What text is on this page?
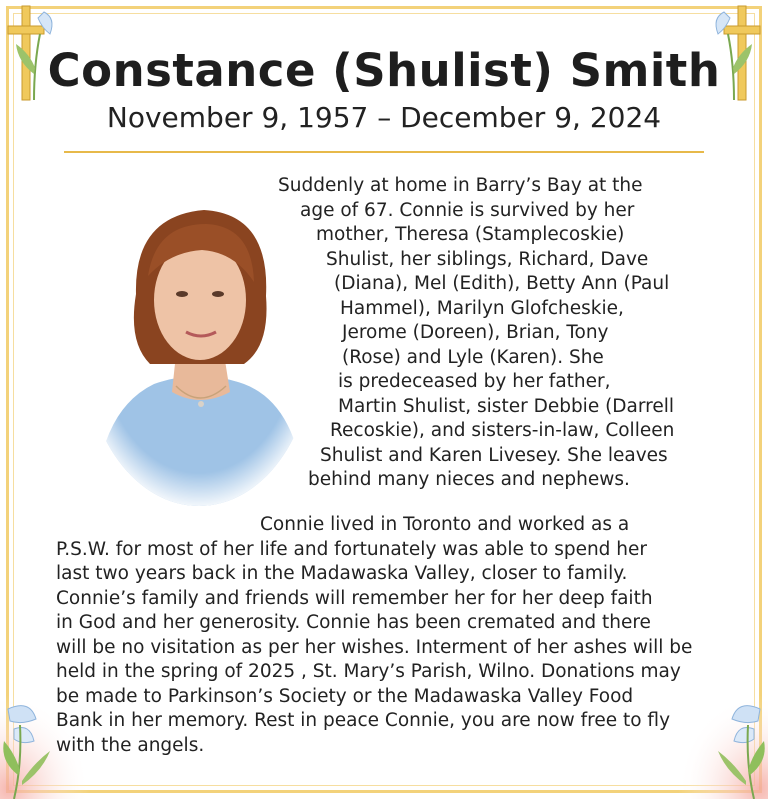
Constance (Shulist) Smith
November 9, 1957 – December 9, 2024
Suddenly at home in Barry’s Bay at the
age of 67. Connie is survived by her
mother, Theresa (Stamplecoskie)
Shulist, her siblings, Richard, Dave
(Diana), Mel (Edith), Betty Ann (Paul
Hammel), Marilyn Glofcheskie,
Jerome (Doreen), Brian, Tony
(Rose) and Lyle (Karen). She
is predeceased by her father,
Martin Shulist, sister Debbie (Darrell
Recoskie), and sisters-in-law, Colleen
Shulist and Karen Livesey. She leaves
behind many nieces and nephews.
Connie lived in Toronto and worked as a
P.S.W. for most of her life and fortunately was able to spend her
last two years back in the Madawaska Valley, closer to family.
Connie’s family and friends will remember her for her deep faith
in God and her generosity. Connie has been cremated and there
will be no visitation as per her wishes. Interment of her ashes will be
held in the spring of 2025 , St. Mary’s Parish, Wilno. Donations may
be made to Parkinson’s Society or the Madawaska Valley Food
Bank in her memory. Rest in peace Connie, you are now free to fly
with the angels.
